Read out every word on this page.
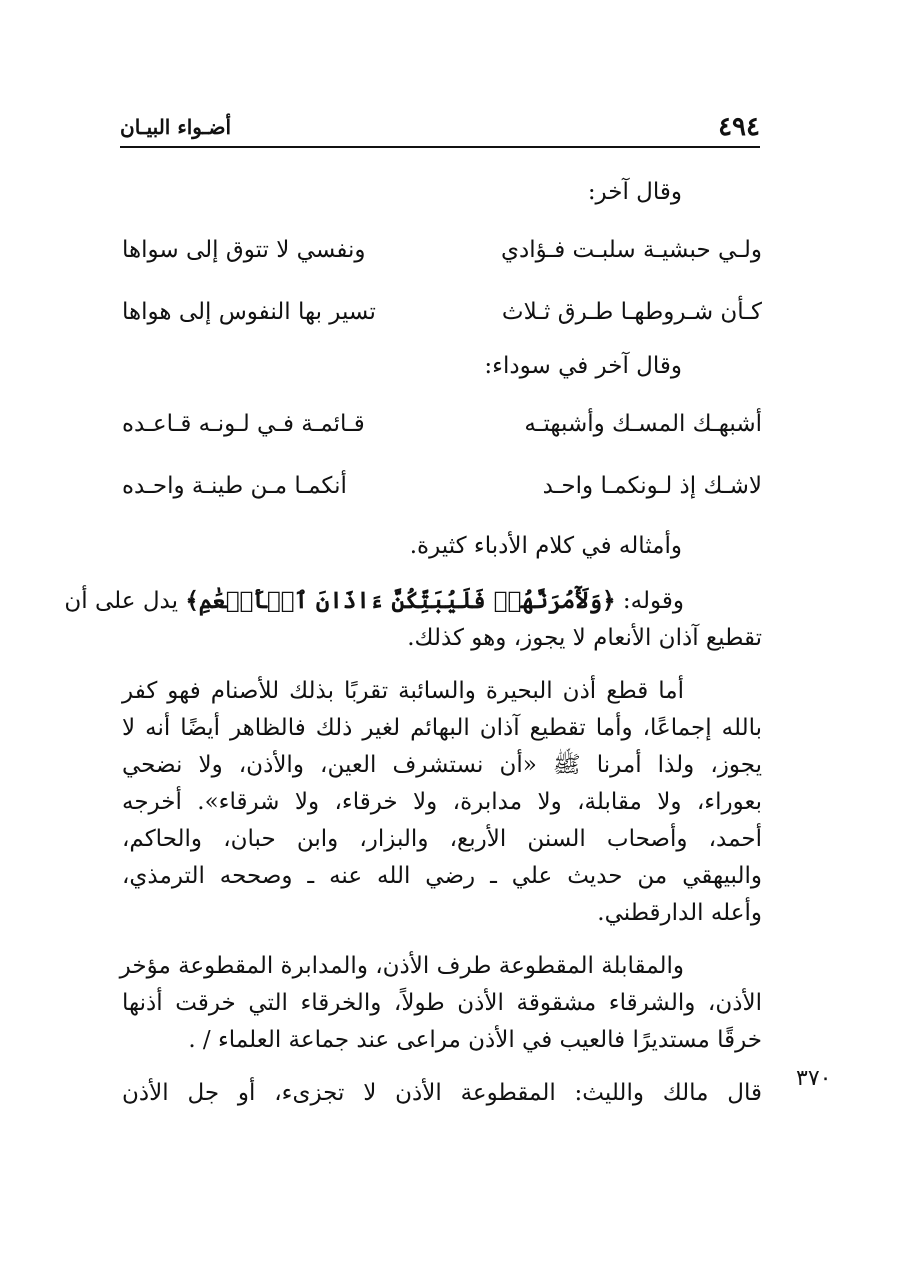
٤٩٤
أضـواء البيـان
وقال آخر:
ولـي حبشيـة سلبـت فـؤادي
ونفسي لا تتوق إلى سواها
كـأن شـروطهـا طـرق ثـلاث
تسير بها النفوس إلى هواها
وقال آخر في سوداء:
أشبهـك المسـك وأشبهتـه
قـائمـة فـي لـونـه قـاعـده
لاشـك إذ لـونكمـا واحـد
أنكمـا مـن طينـة واحـده
وأمثاله في كلام الأدباء كثيرة.
وقوله: ﴿وَلَأٓمُرَنَّهُمۡ فَلَيُبَتِّكُنَّ ءَاذَانَ ٱلۡأَنۡعَٰمِ﴾ يدل على أن
تقطيع آذان الأنعام لا يجوز، وهو كذلك.
أما قطع أذن البحيرة والسائبة تقربًا بذلك للأصنام فهو كفر
بالله إجماعًا، وأما تقطيع آذان البهائم لغير ذلك فالظاهر أيضًا أنه لا
يجوز، ولذا أمرنا ﷺ «أن نستشرف العين، والأذن، ولا نضحي
بعوراء، ولا مقابلة، ولا مدابرة، ولا خرقاء، ولا شرقاء». أخرجه
أحمد، وأصحاب السنن الأربع، والبزار، وابن حبان، والحاكم،
والبيهقي من حديث علي ـ رضي الله عنه ـ وصححه الترمذي،
وأعله الدارقطني.
والمقابلة المقطوعة طرف الأذن، والمدابرة المقطوعة مؤخر
الأذن، والشرقاء مشقوقة الأذن طولاً، والخرقاء التي خرقت أذنها
خرقًا مستديرًا فالعيب في الأذن مراعى عند جماعة العلماء / .
قال مالك والليث: المقطوعة الأذن لا تجزىء، أو جل الأذن
٣٧٠
